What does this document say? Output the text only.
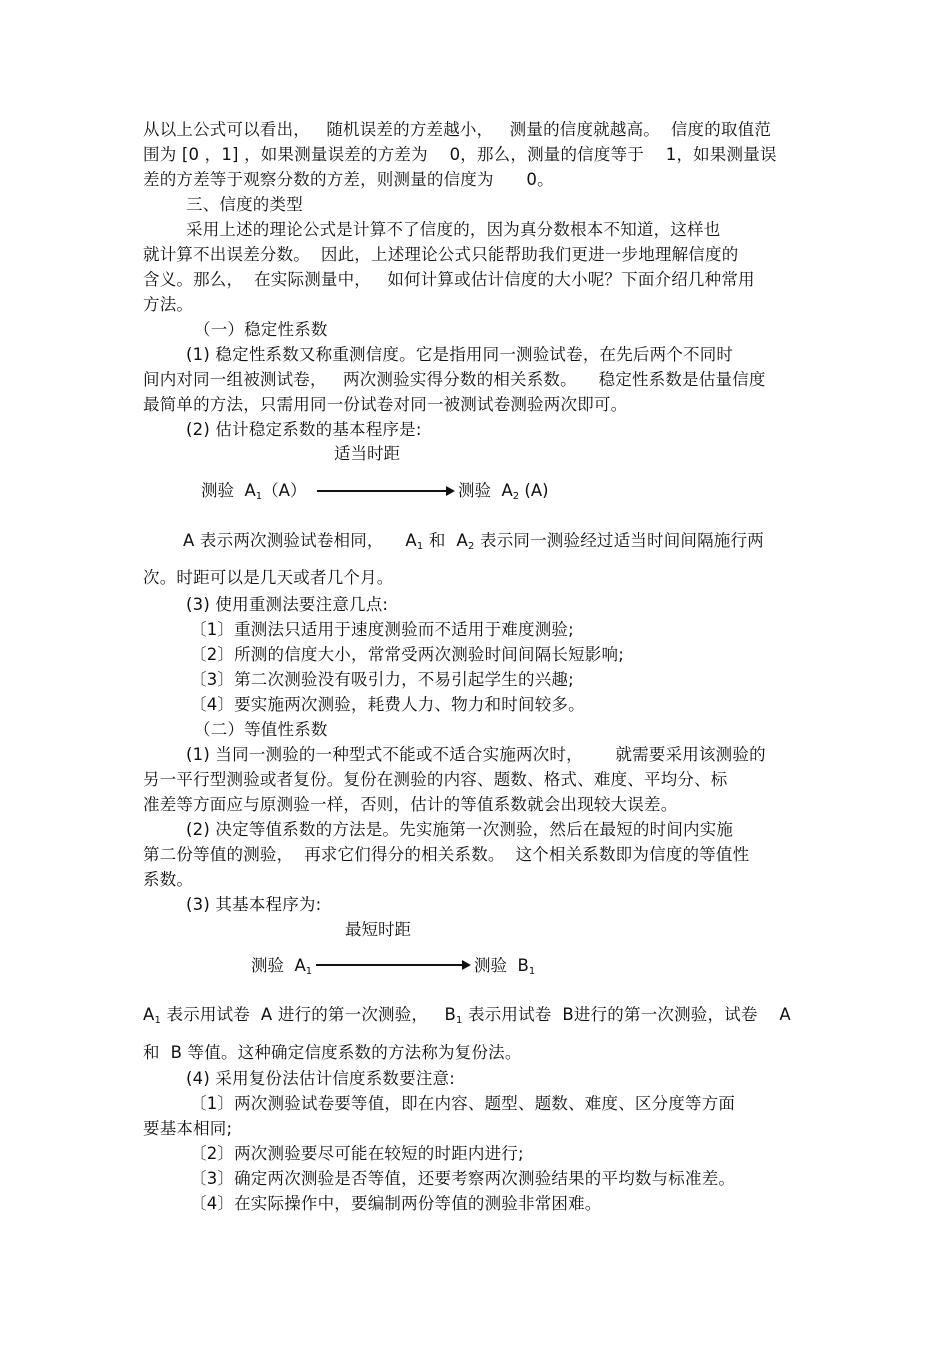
从以上公式可以看出，   随机误差的方差越小，   测量的信度就越高。  信度的取值范
围为 [0 ，1] ，如果测量误差的方差为    0，那么，测量的信度等于    1，如果测量误
差的方差等于观察分数的方差，则测量的信度为      0。
三、信度的类型
采用上述的理论公式是计算不了信度的，因为真分数根本不知道，这样也
就计算不出误差分数。  因此，上述理论公式只能帮助我们更进一步地理解信度的
含义。那么，  在实际测量中，   如何计算或估计信度的大小呢？下面介绍几种常用
方法。
（一）稳定性系数
(1) 稳定性系数又称重测信度。它是指用同一测验试卷，在先后两个不同时
间内对同一组被测试卷，   两次测验实得分数的相关系数。    稳定性系数是估量信度
最简单的方法，只需用同一份试卷对同一被测试卷测验两次即可。
(2) 估计稳定系数的基本程序是:
适当时距
测验  $A_1(A)$	测验  $A_2$ (A)
A 表示两次测验试卷相同，    $A_1$ 和  $A_2$ 表示同一测验经过适当时间间隔施行两
次。时距可以是几天或者几个月。
(3) 使用重测法要注意几点:
〔1〕重测法只适用于速度测验而不适用于难度测验;
〔2〕所测的信度大小，常常受两次测验时间间隔长短影响;
〔3〕第二次测验没有吸引力，不易引起学生的兴趣;
〔4〕要实施两次测验，耗费人力、物力和时间较多。
（二）等值性系数
(1) 当同一测验的一种型式不能或不适合实施两次时，      就需要采用该测验的
另一平行型测验或者复份。复份在测验的内容、题数、格式、难度、平均分、标
准差等方面应与原测验一样，否则，估计的等值系数就会出现较大误差。
(2) 决定等值系数的方法是。先实施第一次测验，然后在最短的时间内实施
第二份等值的测验，  再求它们得分的相关系数。  这个相关系数即为信度的等值性
系数。
(3) 其基本程序为:
最短时距
测验  $A_1$	测验  $B_1$
$A_1$ 表示用试卷  A 进行的第一次测验，   $B_1$ 表示用试卷  B进行的第一次测验，试卷    A
和  B 等值。这种确定信度系数的方法称为复份法。
(4) 采用复份法估计信度系数要注意:
〔1〕两次测验试卷要等值，即在内容、题型、题数、难度、区分度等方面
要基本相同;
〔2〕两次测验要尽可能在较短的时距内进行;
〔3〕确定两次测验是否等值，还要考察两次测验结果的平均数与标准差。
〔4〕在实际操作中，要编制两份等值的测验非常困难。
